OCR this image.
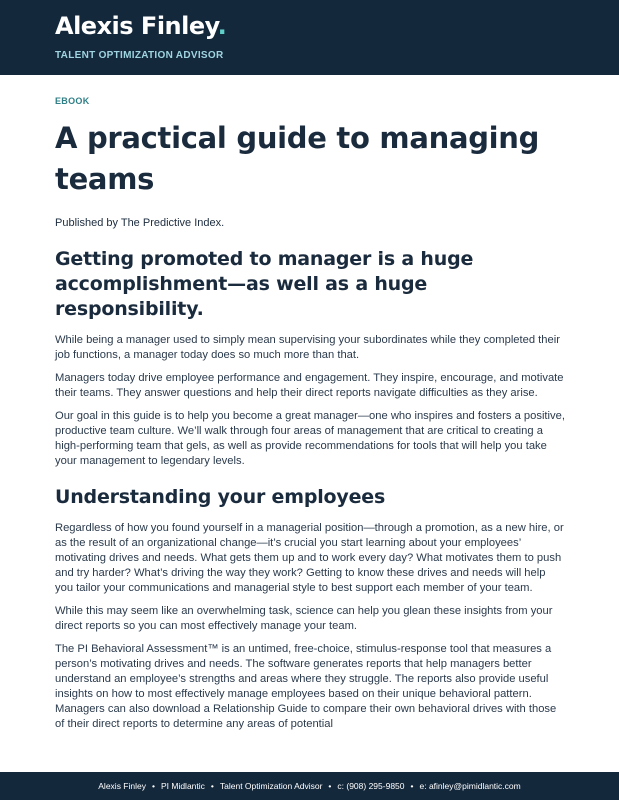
Alexis Finley.
TALENT OPTIMIZATION ADVISOR
EBOOK
A practical guide to managing teams

Published by The Predictive Index.

Getting promoted to manager is a huge accomplishment—as well as a huge responsibility.

While being a manager used to simply mean supervising your subordinates while they completed their job functions, a manager today does so much more than that.

Managers today drive employee performance and engagement. They inspire, encourage, and motivate their teams. They answer questions and help their direct reports navigate difficulties as they arise.

Our goal in this guide is to help you become a great manager—one who inspires and fosters a positive, productive team culture. We’ll walk through four areas of management that are critical to creating a high-performing team that gels, as well as provide recommendations for tools that will help you take your management to legendary levels.

Understanding your employees

Regardless of how you found yourself in a managerial position—through a promotion, as a new hire, or as the result of an organizational change—it’s crucial you start learning about your employees’ motivating drives and needs. What gets them up and to work every day? What motivates them to push and try harder? What’s driving the way they work? Getting to know these drives and needs will help you tailor your communications and managerial style to best support each member of your team.

While this may seem like an overwhelming task, science can help you glean these insights from your direct reports so you can most effectively manage your team.

The PI Behavioral Assessment™ is an untimed, free-choice, stimulus-response tool that measures a person’s motivating drives and needs. The software generates reports that help managers better understand an employee’s strengths and areas where they struggle. The reports also provide useful insights on how to most effectively manage employees based on their unique behavioral pattern. Managers can also download a Relationship Guide to compare their own behavioral drives with those of their direct reports to determine any areas of potential

Alexis Finley • PI Midlantic • Talent Optimization Advisor • c: (908) 295-9850 • e: afinley@pimidlantic.com
